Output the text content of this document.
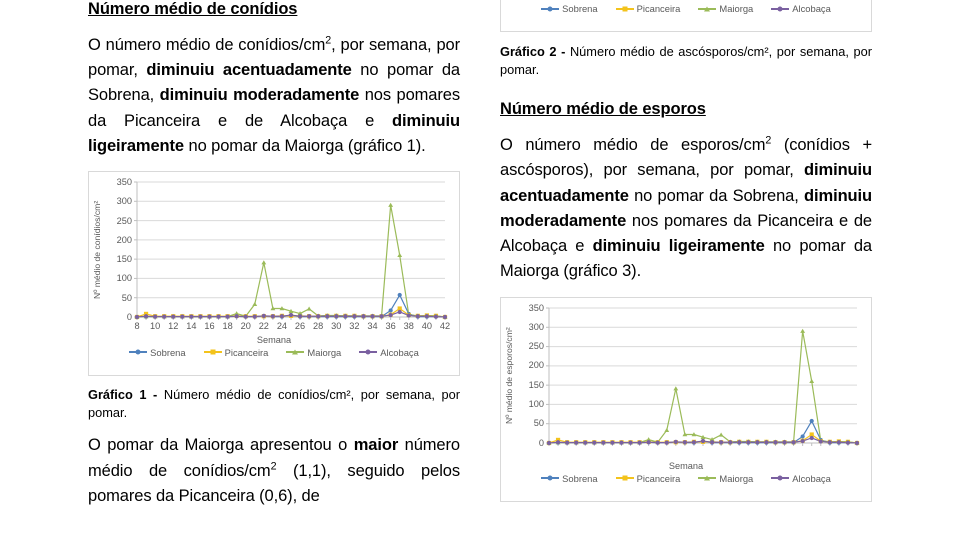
Número médio de conídios

O número médio de conídios/$cm^2$, por semana, por pomar, diminuiu acentuadamente no pomar da Sobrena, diminuiu moderadamente nos pomares da Picanceira e de Alcobaça e diminuiu ligeiramente no pomar da Maiorga (gráfico 1).

0
50
100
150
200
250
300
350
Nº médio de conídios/cm²
8 10 12 14 16 18 20 22 24 26 28 30 32 34 36 38 40 42
Semana
Sobrena	Picanceira	Maiorga	Alcobaça

Gráfico 1 - Número médio de conídios/cm², por semana, por pomar.

O pomar da Maiorga apresentou o maior número médio de conídios/$cm^2$ (1,1), seguido pelos pomares da Picanceira (0,6), de

Sobrena	Picanceira	Maiorga	Alcobaça

Gráfico 2 - Número médio de ascósporos/cm², por semana, por pomar.

Número médio de esporos

O número médio de esporos/$cm^2$ (conídios + ascósporos), por semana, por pomar, diminuiu acentuadamente no pomar da Sobrena, diminuiu moderadamente nos pomares da Picanceira e de Alcobaça e diminuiu ligeiramente no pomar da Maiorga (gráfico 3).

0
50
100
150
200
250
300
350
Nº médio de esporos/cm²
Semana
Sobrena	Picanceira	Maiorga	Alcobaça
